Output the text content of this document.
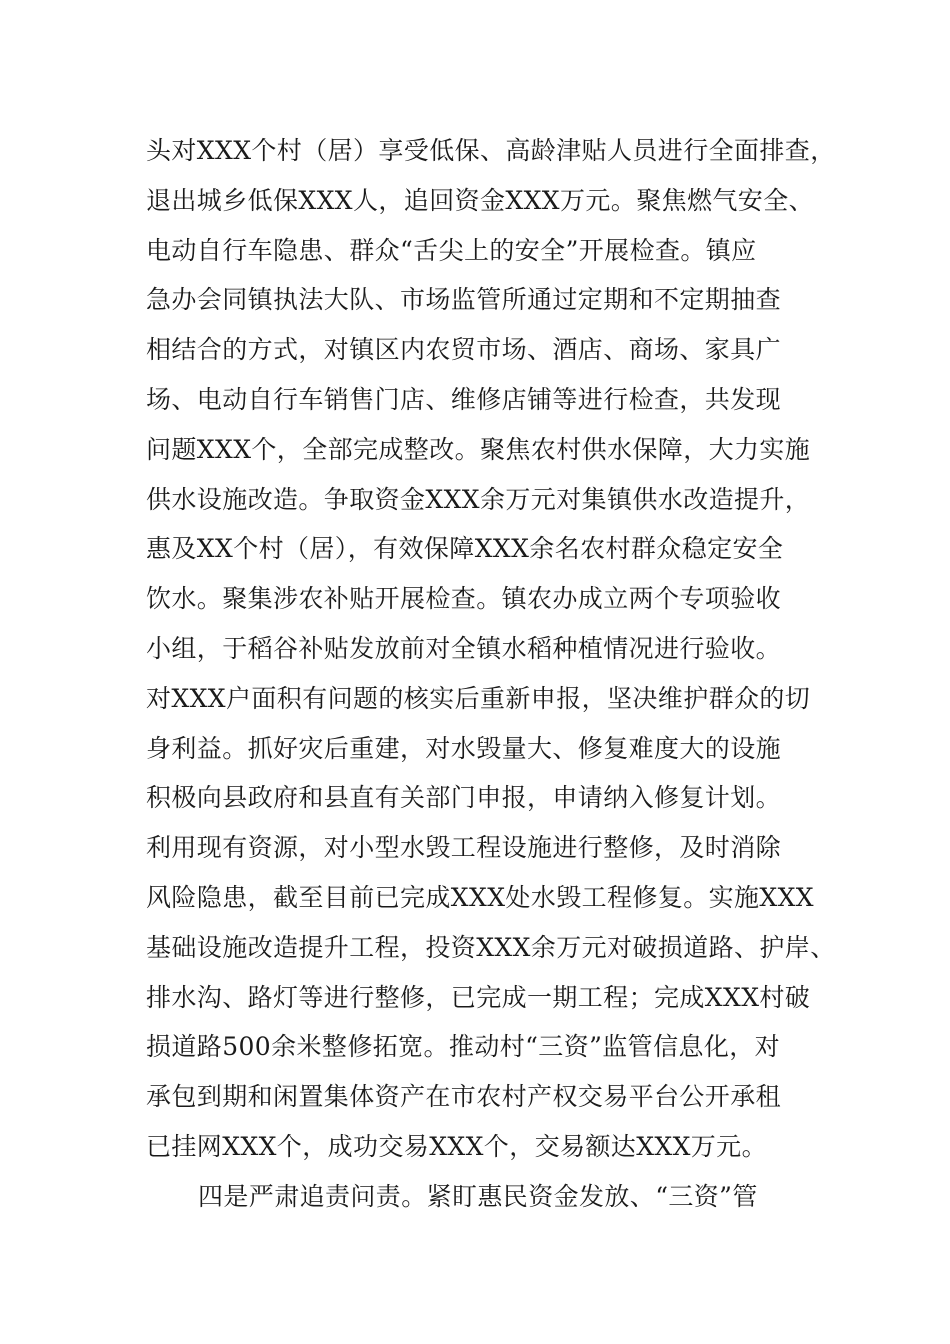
头对XXX个村（居）享受低保、高龄津贴人员进行全面排查，
退出城乡低保XXX人，追回资金XXX万元。聚焦燃气安全、
电动自行车隐患、群众“舌尖上的安全”开展检查。镇应
急办会同镇执法大队、市场监管所通过定期和不定期抽查
相结合的方式，对镇区内农贸市场、酒店、商场、家具广
场、电动自行车销售门店、维修店铺等进行检查，共发现
问题XXX个，全部完成整改。聚焦农村供水保障，大力实施
供水设施改造。争取资金XXX余万元对集镇供水改造提升，
惠及XX个村（居），有效保障XXX余名农村群众稳定安全
饮水。聚集涉农补贴开展检查。镇农办成立两个专项验收
小组，于稻谷补贴发放前对全镇水稻种植情况进行验收。
对XXX户面积有问题的核实后重新申报，坚决维护群众的切
身利益。抓好灾后重建，对水毁量大、修复难度大的设施
积极向县政府和县直有关部门申报，申请纳入修复计划。
利用现有资源，对小型水毁工程设施进行整修，及时消除
风险隐患，截至目前已完成XXX处水毁工程修复。实施XXX
基础设施改造提升工程，投资XXX余万元对破损道路、护岸、
排水沟、路灯等进行整修，已完成一期工程；完成XXX村破
损道路500余米整修拓宽。推动村“三资”监管信息化，对
承包到期和闲置集体资产在市农村产权交易平台公开承租
已挂网XXX个，成功交易XXX个，交易额达XXX万元。
四是严肃追责问责。紧盯惠民资金发放、“三资”管
